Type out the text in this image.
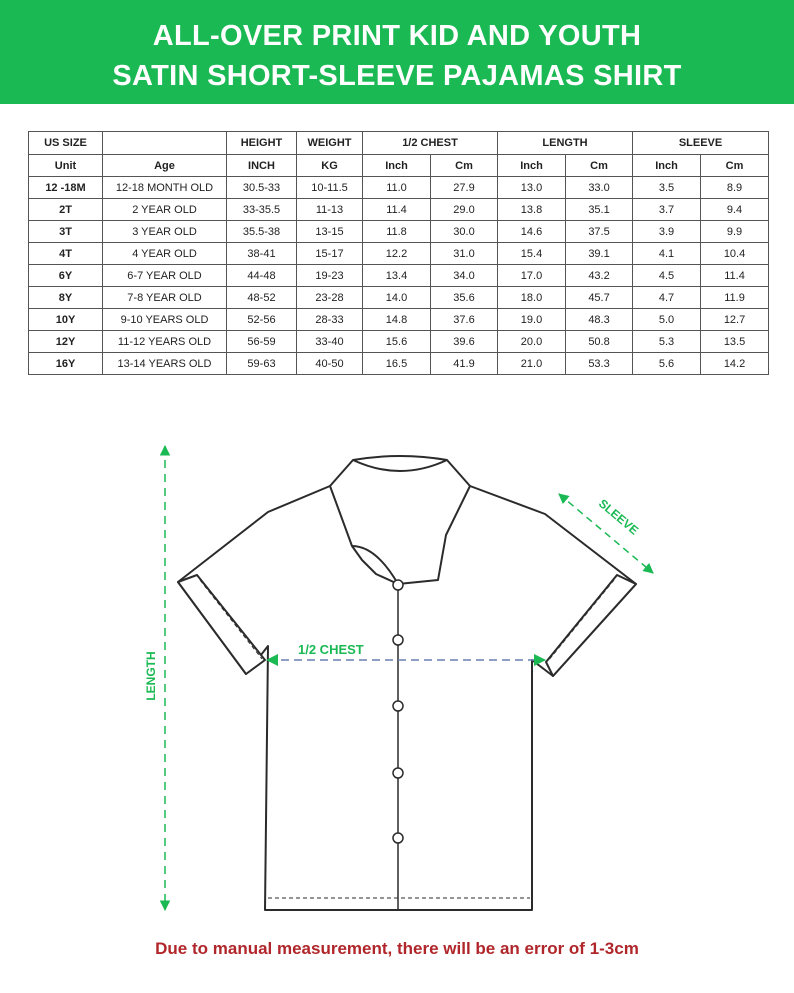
ALL-OVER PRINT KID AND YOUTH
SATIN SHORT-SLEEVE PAJAMAS SHIRT
US SIZE		HEIGHT	WEIGHT	1/2 CHEST		LENGTH		SLEEVE	
Unit	Age	INCH	KG	Inch	Cm	Inch	Cm	Inch	Cm
12 -18M	12-18 MONTH OLD	30.5-33	10-11.5	11.0	27.9	13.0	33.0	3.5	8.9
2T	2 YEAR OLD	33-35.5	11-13	11.4	29.0	13.8	35.1	3.7	9.4
3T	3 YEAR OLD	35.5-38	13-15	11.8	30.0	14.6	37.5	3.9	9.9
4T	4 YEAR OLD	38-41	15-17	12.2	31.0	15.4	39.1	4.1	10.4
6Y	6-7 YEAR OLD	44-48	19-23	13.4	34.0	17.0	43.2	4.5	11.4
8Y	7-8 YEAR OLD	48-52	23-28	14.0	35.6	18.0	45.7	4.7	11.9
10Y	9-10 YEARS OLD	52-56	28-33	14.8	37.6	19.0	48.3	5.0	12.7
12Y	11-12 YEARS OLD	56-59	33-40	15.6	39.6	20.0	50.8	5.3	13.5
16Y	13-14 YEARS OLD	59-63	40-50	16.5	41.9	21.0	53.3	5.6	14.2
LENGTH
1/2 CHEST
SLEEVE
Due to manual measurement, there will be an error of 1-3cm
